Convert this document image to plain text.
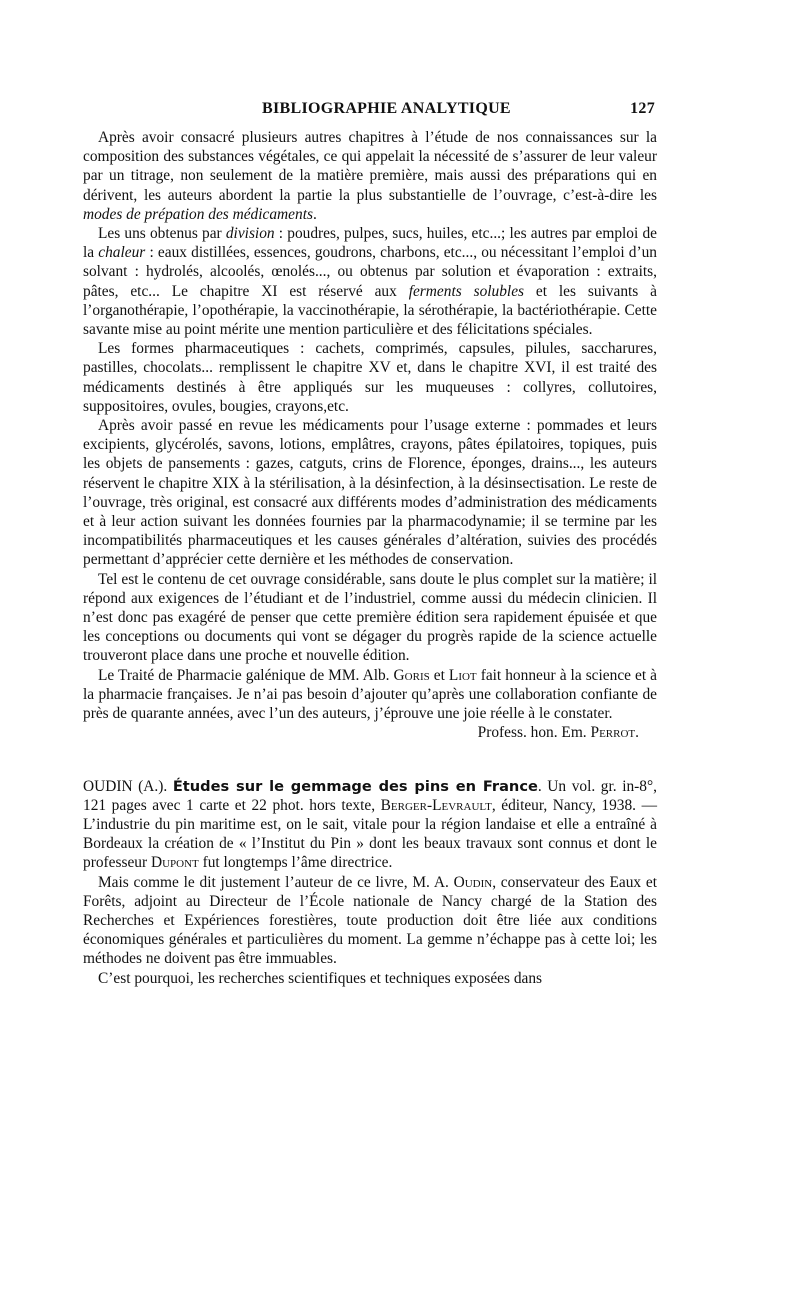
BIBLIOGRAPHIE ANALYTIQUE	127

Après avoir consacré plusieurs autres chapitres à l’étude de nos connaissances sur la composition des substances végétales, ce qui appelait la nécessité de s’assurer de leur valeur par un titrage, non seulement de la matière première, mais aussi des préparations qui en dérivent, les auteurs abordent la partie la plus substantielle de l’ouvrage, c’est-à-dire les modes de prépation des médicaments.

Les uns obtenus par division : poudres, pulpes, sucs, huiles, etc...; les autres par emploi de la chaleur : eaux distillées, essences, goudrons, charbons, etc..., ou nécessitant l’emploi d’un solvant : hydrolés, alcoolés, œnolés..., ou obtenus par solution et évaporation : extraits, pâtes, etc... Le chapitre XI est réservé aux ferments solubles et les suivants à l’organothérapie, l’opothérapie, la vaccinothérapie, la sérothérapie, la bactériothérapie. Cette savante mise au point mérite une mention particulière et des félicitations spéciales.

Les formes pharmaceutiques : cachets, comprimés, capsules, pilules, saccharures, pastilles, chocolats... remplissent le chapitre XV et, dans le chapitre XVI, il est traité des médicaments destinés à être appliqués sur les muqueuses : collyres, collutoires, suppositoires, ovules, bougies, crayons,etc.

Après avoir passé en revue les médicaments pour l’usage externe : pommades et leurs excipients, glycérolés, savons, lotions, emplâtres, crayons, pâtes épilatoires, topiques, puis les objets de pansements : gazes, catguts, crins de Florence, éponges, drains..., les auteurs réservent le chapitre XIX à la stérilisation, à la désinfection, à la désinsectisation. Le reste de l’ouvrage, très original, est consacré aux différents modes d’administration des médicaments et à leur action suivant les données fournies par la pharmacodynamie; il se termine par les incompatibilités pharmaceutiques et les causes générales d’altération, suivies des procédés permettant d’apprécier cette dernière et les méthodes de conservation.

Tel est le contenu de cet ouvrage considérable, sans doute le plus complet sur la matière; il répond aux exigences de l’étudiant et de l’industriel, comme aussi du médecin clinicien. Il n’est donc pas exagéré de penser que cette première édition sera rapidement épuisée et que les conceptions ou documents qui vont se dégager du progrès rapide de la science actuelle trouveront place dans une proche et nouvelle édition.

Le Traité de Pharmacie galénique de MM. Alb. Goris et Liot fait honneur à la science et à la pharmacie françaises. Je n’ai pas besoin d’ajouter qu’après une collaboration confiante de près de quarante années, avec l’un des auteurs, j’éprouve une joie réelle à le constater.

Profess. hon. Em. Perrot.

OUDIN (A.). Études sur le gemmage des pins en France. Un vol. gr. in-8°, 121 pages avec 1 carte et 22 phot. hors texte, Berger-Levrault, éditeur, Nancy, 1938. — L’industrie du pin maritime est, on le sait, vitale pour la région landaise et elle a entraîné à Bordeaux la création de « l’Institut du Pin » dont les beaux travaux sont connus et dont le professeur Dupont fut longtemps l’âme directrice.

Mais comme le dit justement l’auteur de ce livre, M. A. Oudin, conservateur des Eaux et Forêts, adjoint au Directeur de l’École nationale de Nancy chargé de la Station des Recherches et Expériences forestières, toute production doit être liée aux conditions économiques générales et particulières du moment. La gemme n’échappe pas à cette loi; les méthodes ne doivent pas être immuables.

C’est pourquoi, les recherches scientifiques et techniques exposées dans
